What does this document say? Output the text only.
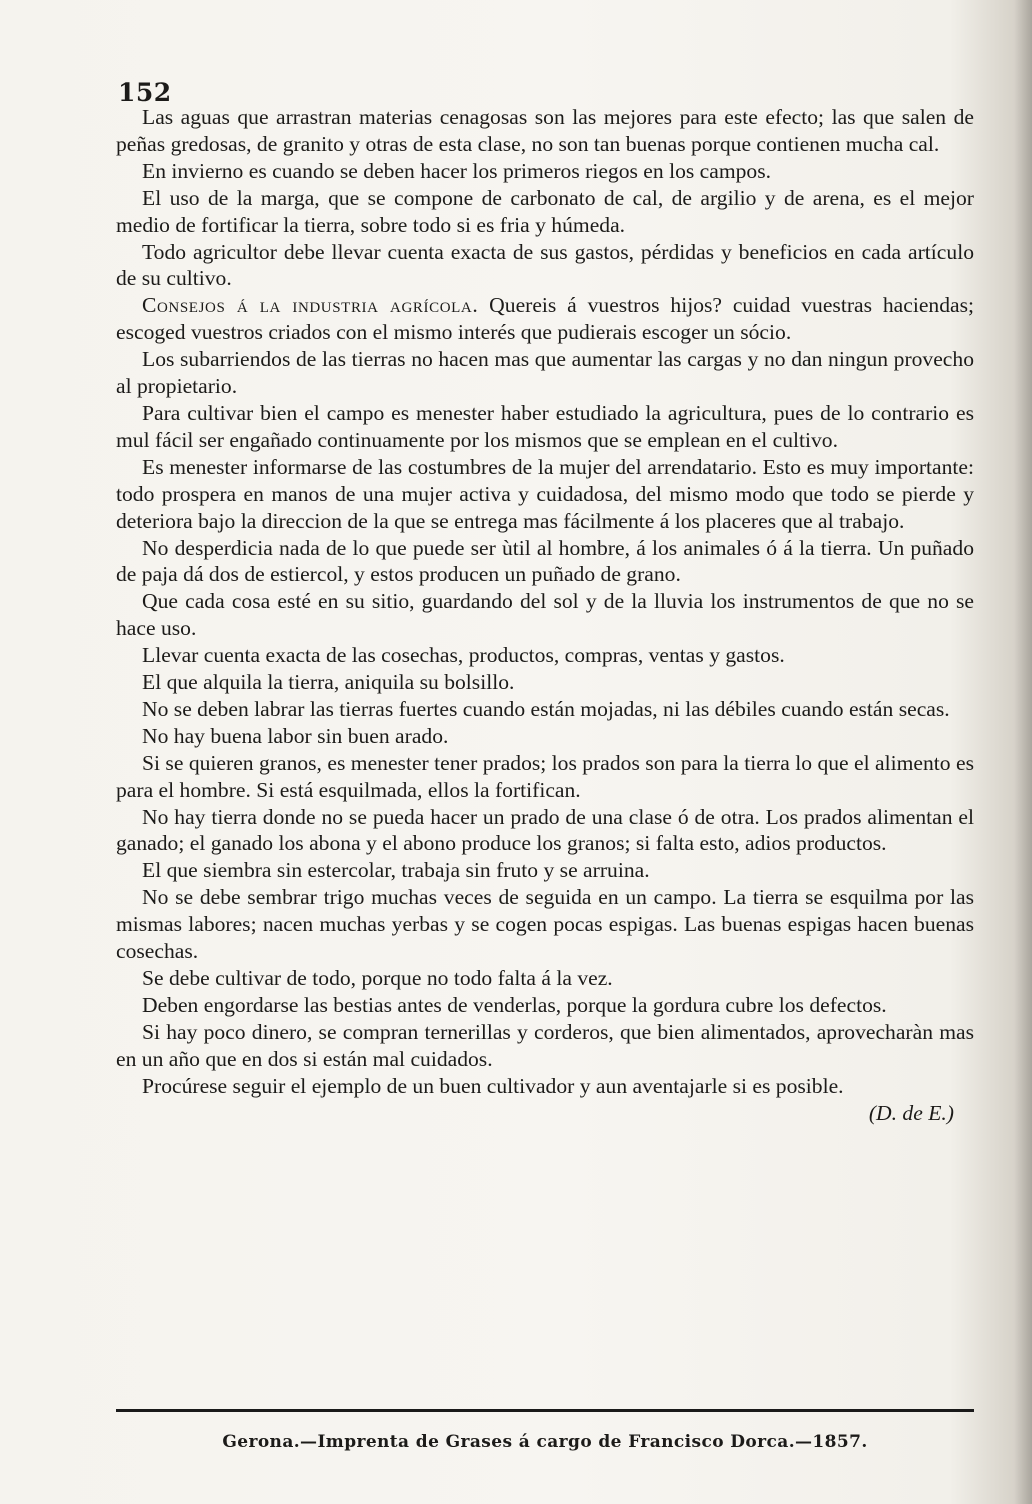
152

Las aguas que arrastran materias cenagosas son las mejores para este efecto; las que salen de peñas gredosas, de granito y otras de esta clase, no son tan buenas porque contienen mucha cal.

En invierno es cuando se deben hacer los primeros riegos en los campos.

El uso de la marga, que se compone de carbonato de cal, de argilio y de arena, es el mejor medio de fortificar la tierra, sobre todo si es fria y húmeda.

Todo agricultor debe llevar cuenta exacta de sus gastos, pérdidas y beneficios en cada artículo de su cultivo.

Consejos á la industria agrícola. Quereis á vuestros hijos? cuidad vuestras haciendas; escoged vuestros criados con el mismo interés que pudierais escoger un sócio.

Los subarriendos de las tierras no hacen mas que aumentar las cargas y no dan ningun provecho al propietario.

Para cultivar bien el campo es menester haber estudiado la agricultura, pues de lo contrario es mul fácil ser engañado continuamente por los mismos que se emplean en el cultivo.

Es menester informarse de las costumbres de la mujer del arrendatario. Esto es muy importante: todo prospera en manos de una mujer activa y cuidadosa, del mismo modo que todo se pierde y deteriora bajo la direccion de la que se entrega mas fácilmente á los placeres que al trabajo.

No desperdicia nada de lo que puede ser ùtil al hombre, á los animales ó á la tierra. Un puñado de paja dá dos de estiercol, y estos producen un puñado de grano.

Que cada cosa esté en su sitio, guardando del sol y de la lluvia los instrumentos de que no se hace uso.

Llevar cuenta exacta de las cosechas, productos, compras, ventas y gastos.

El que alquila la tierra, aniquila su bolsillo.

No se deben labrar las tierras fuertes cuando están mojadas, ni las débiles cuando están secas.

No hay buena labor sin buen arado.

Si se quieren granos, es menester tener prados; los prados son para la tierra lo que el alimento es para el hombre. Si está esquilmada, ellos la fortifican.

No hay tierra donde no se pueda hacer un prado de una clase ó de otra. Los prados alimentan el ganado; el ganado los abona y el abono produce los granos; si falta esto, adios productos.

El que siembra sin estercolar, trabaja sin fruto y se arruina.

No se debe sembrar trigo muchas veces de seguida en un campo. La tierra se esquilma por las mismas labores; nacen muchas yerbas y se cogen pocas espigas. Las buenas espigas hacen buenas cosechas.

Se debe cultivar de todo, porque no todo falta á la vez.

Deben engordarse las bestias antes de venderlas, porque la gordura cubre los defectos.

Si hay poco dinero, se compran ternerillas y corderos, que bien alimentados, aprovecharàn mas en un año que en dos si están mal cuidados.

Procúrese seguir el ejemplo de un buen cultivador y aun aventajarle si es posible.
(D. de E.)

Gerona.—Imprenta de Grases á cargo de Francisco Dorca.—1857.
